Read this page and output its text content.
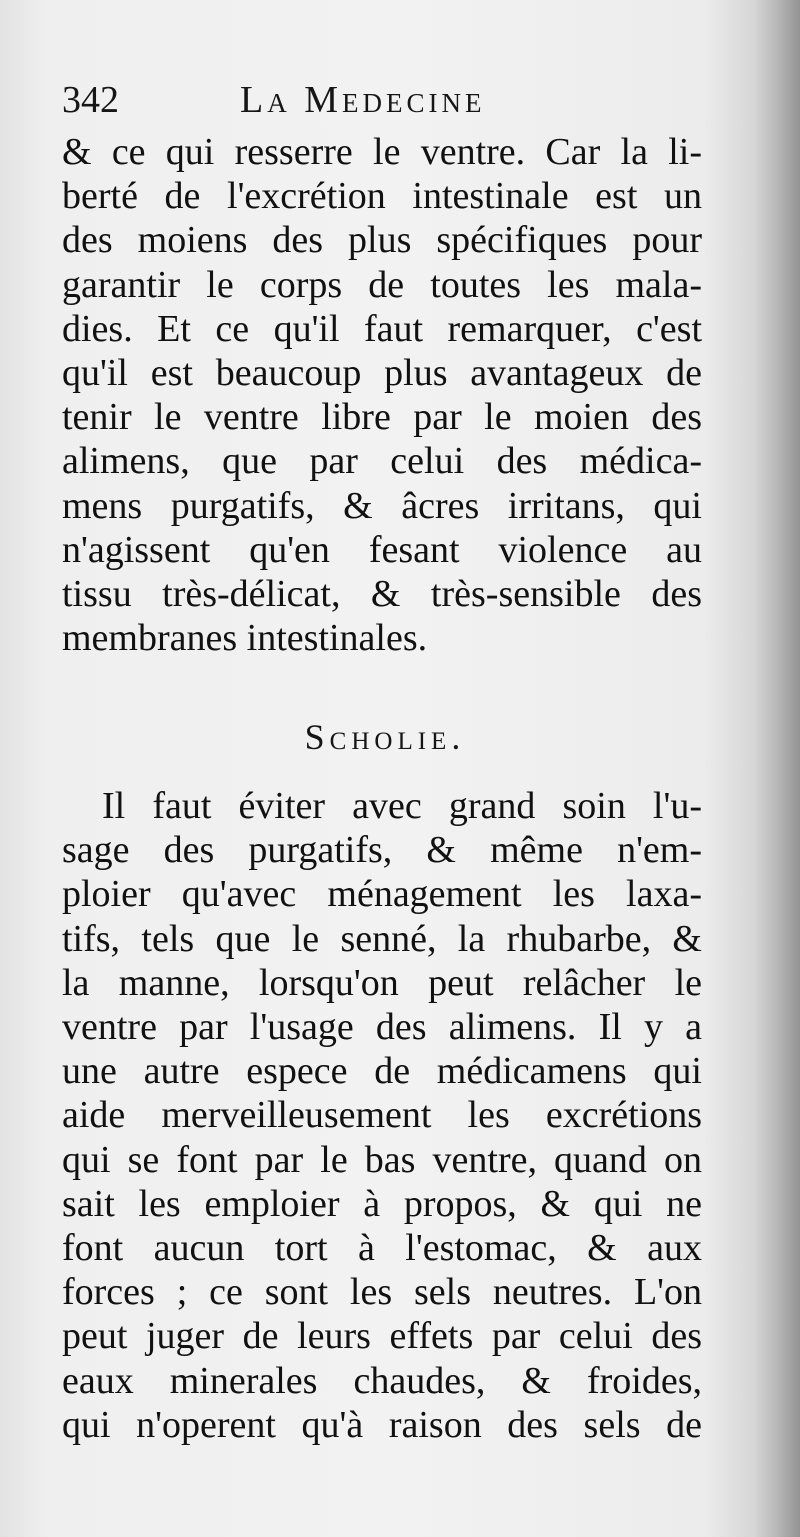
342	La Medecine
& ce qui resserre le ventre. Car la li-
berté de l'excrétion intestinale est un
des moiens des plus spécifiques pour
garantir le corps de toutes les mala-
dies. Et ce qu'il faut remarquer, c'est
qu'il est beaucoup plus avantageux de
tenir le ventre libre par le moien des
alimens, que par celui des médica-
mens purgatifs, & âcres irritans, qui
n'agissent qu'en fesant violence au
tissu très-délicat, & très-sensible des
membranes intestinales.
Scholie.
Il faut éviter avec grand soin l'u-
sage des purgatifs, & même n'em-
ploier qu'avec ménagement les laxa-
tifs, tels que le senné, la rhubarbe, &
la manne, lorsqu'on peut relâcher le
ventre par l'usage des alimens. Il y a
une autre espece de médicamens qui
aide merveilleusement les excrétions
qui se font par le bas ventre, quand on
sait les emploier à propos, & qui ne
font aucun tort à l'estomac, & aux
forces ; ce sont les sels neutres. L'on
peut juger de leurs effets par celui des
eaux minerales chaudes, & froides,
qui n'operent qu'à raison des sels de
